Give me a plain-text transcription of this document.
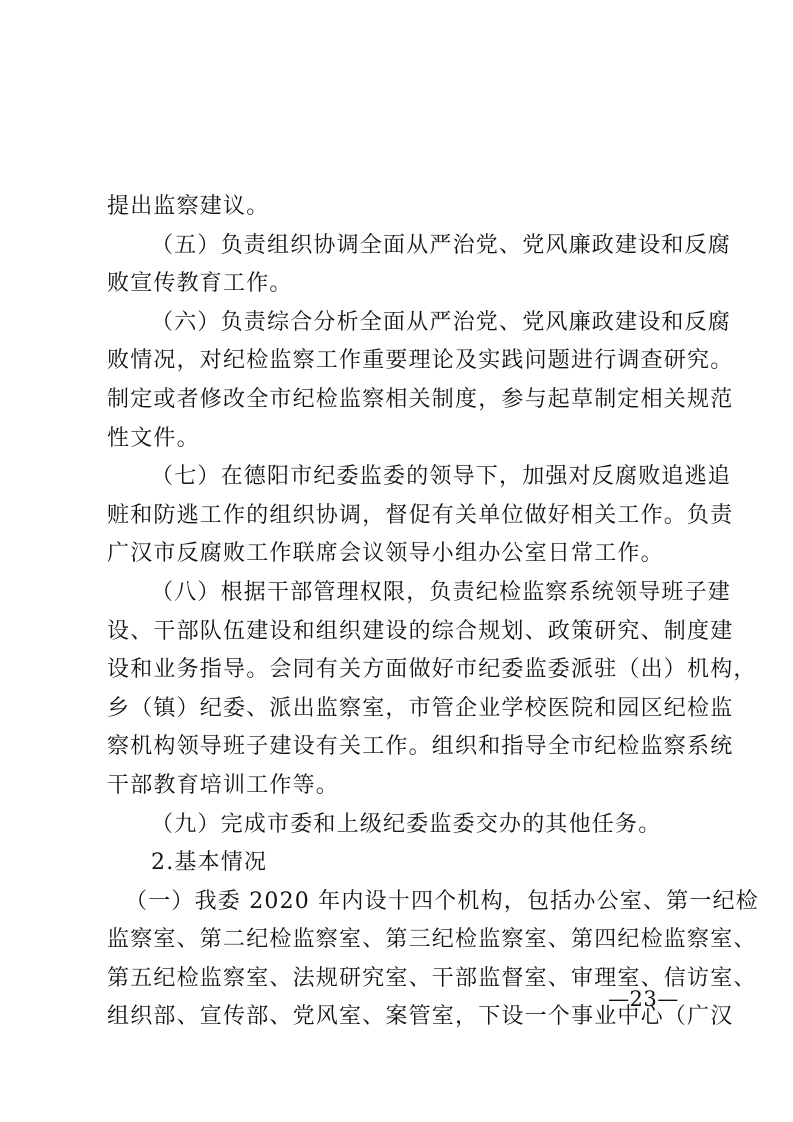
提出监察建议。
（五）负责组织协调全面从严治党、党风廉政建设和反腐
败宣传教育工作。
（六）负责综合分析全面从严治党、党风廉政建设和反腐
败情况，对纪检监察工作重要理论及实践问题进行调查研究。
制定或者修改全市纪检监察相关制度，参与起草制定相关规范
性文件。
（七）在德阳市纪委监委的领导下，加强对反腐败追逃追
赃和防逃工作的组织协调，督促有关单位做好相关工作。负责
广汉市反腐败工作联席会议领导小组办公室日常工作。
（八）根据干部管理权限，负责纪检监察系统领导班子建
设、干部队伍建设和组织建设的综合规划、政策研究、制度建
设和业务指导。会同有关方面做好市纪委监委派驻（出）机构，
乡（镇）纪委、派出监察室，市管企业学校医院和园区纪检监
察机构领导班子建设有关工作。组织和指导全市纪检监察系统
干部教育培训工作等。
（九）完成市委和上级纪委监委交办的其他任务。
2.基本情况
（一）我委 2020 年内设十四个机构，包括办公室、第一纪检
监察室、第二纪检监察室、第三纪检监察室、第四纪检监察室、
第五纪检监察室、法规研究室、干部监督室、审理室、信访室、
组织部、宣传部、党风室、案管室，下设一个事业中心（广汉
—23—
